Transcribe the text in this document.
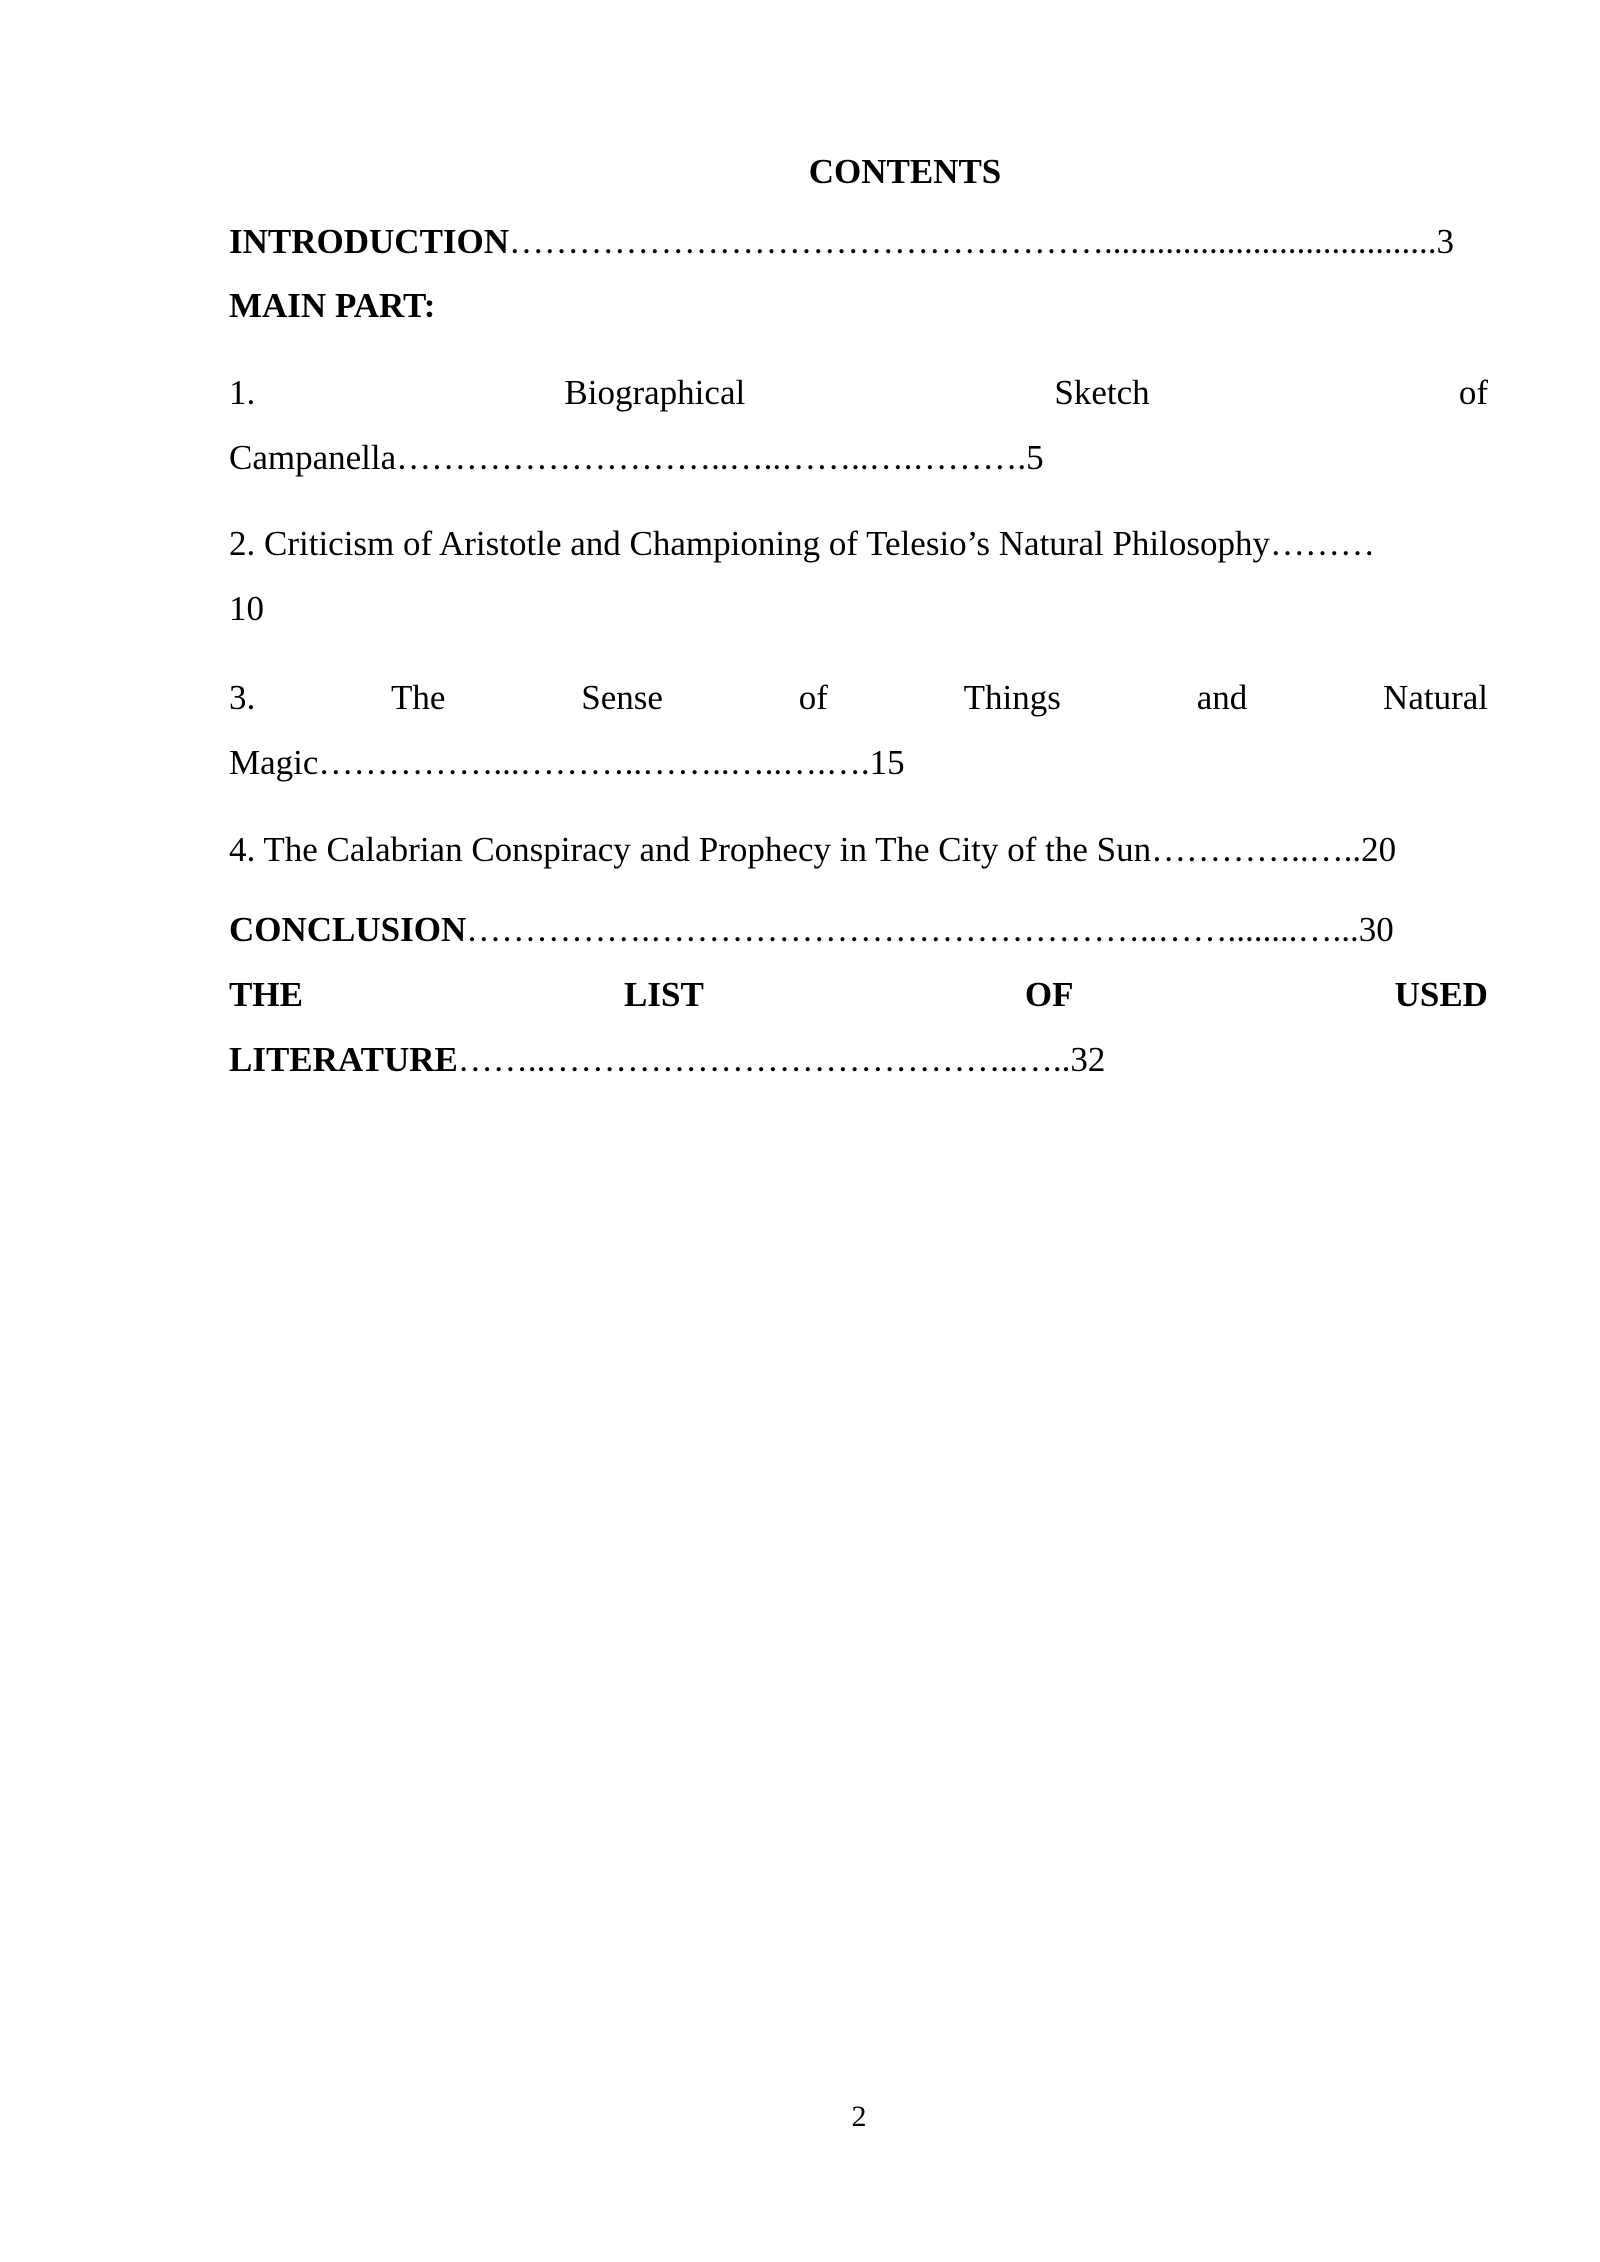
CONTENTS
INTRODUCTION……………………………………………......................................3
MAIN PART:
1.	Biographical	Sketch	of
Campanella………………………..…..……..….……….5
2. Criticism of Aristotle and Championing of Telesio’s Natural Philosophy………
10
3.	The	Sense	of	Things	and	Natural
Magic……………...………..……..…..….….15
4. The Calabrian Conspiracy and Prophecy in The City of the Sun…………..…..20
CONCLUSION…………….……………………………………..……........…...30
THE	LIST	OF	USED
LITERATURE……..…………………………………..…..32
2
